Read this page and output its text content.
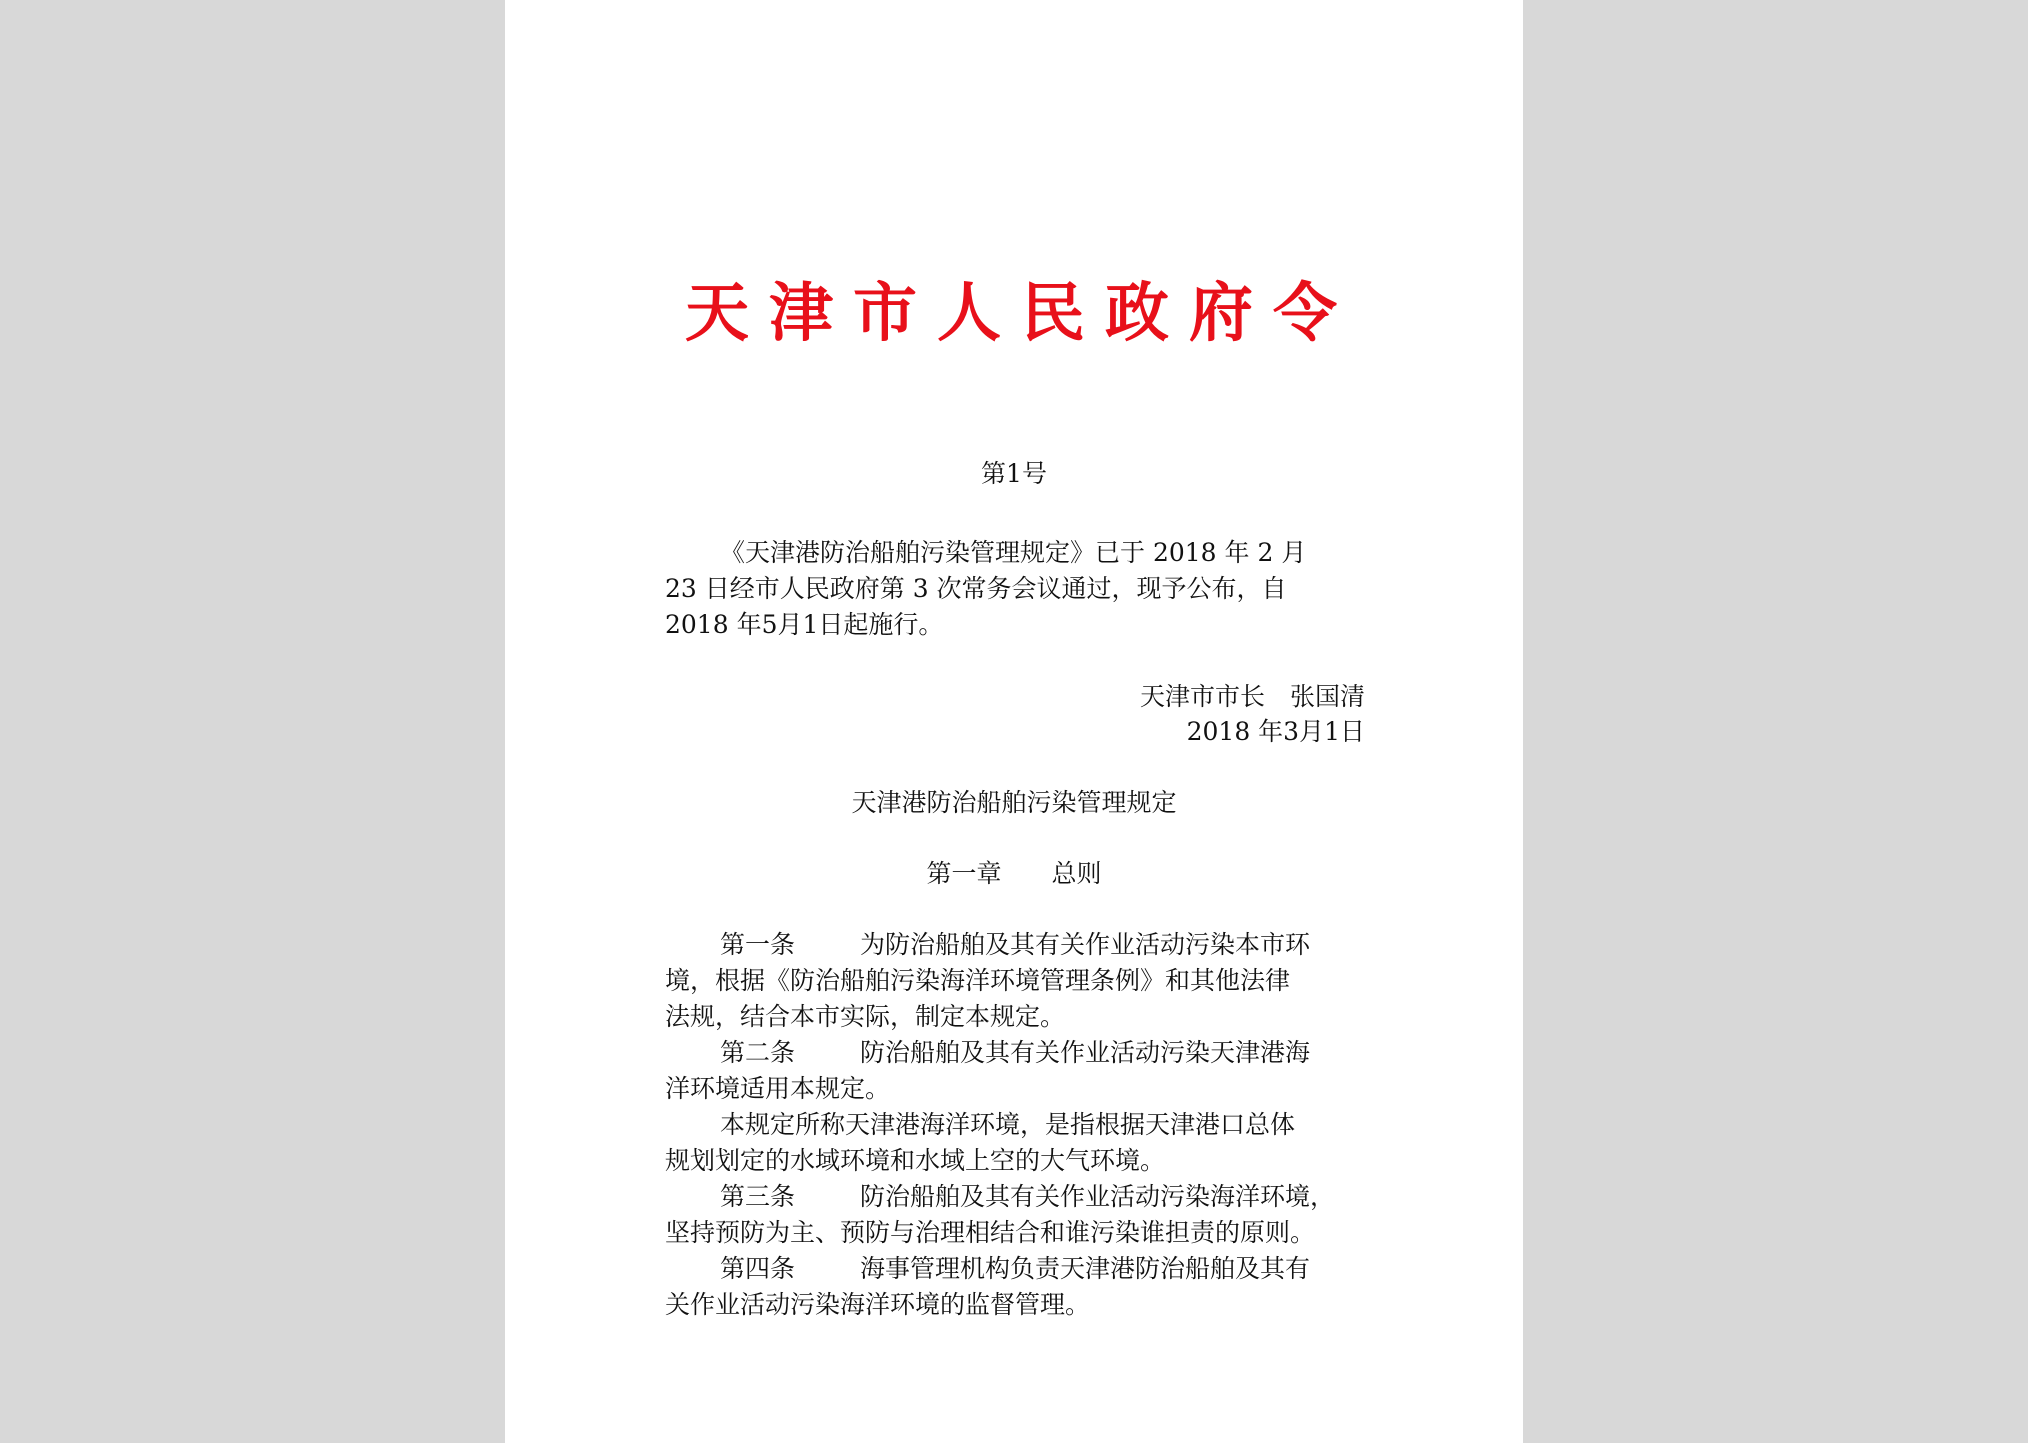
天津市人民政府令
第1号
《天津港防治船舶污染管理规定》已于 2018 年 2 月
23 日经市人民政府第 3 次常务会议通过，现予公布，自
2018 年5月1日起施行。
天津市市长　张国清
2018 年3月1日
天津港防治船舶污染管理规定
第一章　　总则
第一条	为防治船舶及其有关作业活动污染本市环
境，根据《防治船舶污染海洋环境管理条例》和其他法律
法规，结合本市实际，制定本规定。
第二条	防治船舶及其有关作业活动污染天津港海
洋环境适用本规定。
本规定所称天津港海洋环境，是指根据天津港口总体
规划划定的水域环境和水域上空的大气环境。
第三条	防治船舶及其有关作业活动污染海洋环境，
坚持预防为主、预防与治理相结合和谁污染谁担责的原则。
第四条	海事管理机构负责天津港防治船舶及其有
关作业活动污染海洋环境的监督管理。
